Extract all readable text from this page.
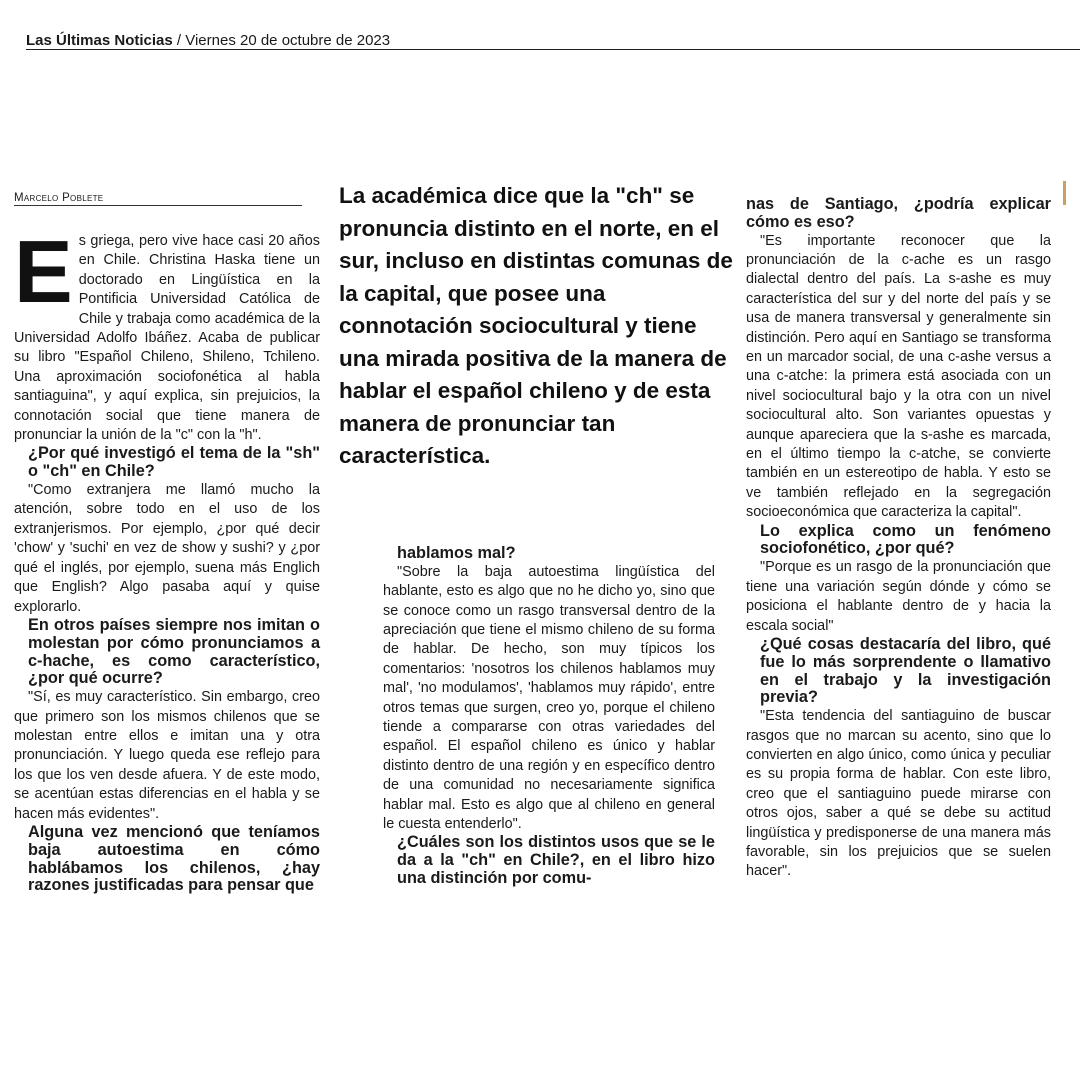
Las Últimas Noticias / Viernes 20 de octubre de 2023
Marcelo Poblete

Es griega, pero vive hace casi 20 años en Chile. Christina Haska tiene un doctorado en Lingüística en la Pontificia Universidad Católica de Chile y trabaja como académica de la Universidad Adolfo Ibáñez. Acaba de publicar su libro "Español Chileno, Shileno, Tchileno. Una aproximación sociofonética al habla santiaguina", y aquí explica, sin prejuicios, la connotación social que tiene manera de pronunciar la unión de la "c" con la "h".

¿Por qué investigó el tema de la "sh" o "ch" en Chile?

"Como extranjera me llamó mucho la atención, sobre todo en el uso de los extranjerismos. Por ejemplo, ¿por qué decir 'chow' y 'suchi' en vez de show y sushi? y ¿por qué el inglés, por ejemplo, suena más Englich que English? Algo pasaba aquí y quise explorarlo.

En otros países siempre nos imitan o molestan por cómo pronunciamos a c-hache, es como característico, ¿por qué ocurre?

"Sí, es muy característico. Sin embargo, creo que primero son los mismos chilenos que se molestan entre ellos e imitan una y otra pronunciación. Y luego queda ese reflejo para los que los ven desde afuera. Y de este modo, se acentúan estas diferencias en el habla y se hacen más evidentes".

Alguna vez mencionó que teníamos baja autoestima en cómo hablábamos los chilenos, ¿hay razones justificadas para pensar que

La académica dice que la "ch" se pronuncia distinto en el norte, en el sur, incluso en distintas comunas de la capital, que posee una connotación sociocultural y tiene una mirada positiva de la manera de hablar el español chileno y de esta manera de pronunciar tan característica.

hablamos mal?

"Sobre la baja autoestima lingüística del hablante, esto es algo que no he dicho yo, sino que se conoce como un rasgo transversal dentro de la apreciación que tiene el mismo chileno de su forma de hablar. De hecho, son muy típicos los comentarios: 'nosotros los chilenos hablamos muy mal', 'no modulamos', 'hablamos muy rápido', entre otros temas que surgen, creo yo, porque el chileno tiende a compararse con otras variedades del español. El español chileno es único y hablar distinto dentro de una región y en específico dentro de una comunidad no necesariamente significa hablar mal. Esto es algo que al chileno en general le cuesta entenderlo".

¿Cuáles son los distintos usos que se le da a la "ch" en Chile?, en el libro hizo una distinción por comu-

nas de Santiago, ¿podría explicar cómo es eso?

"Es importante reconocer que la pronunciación de la c-ache es un rasgo dialectal dentro del país. La s-ashe es muy característica del sur y del norte del país y se usa de manera transversal y generalmente sin distinción. Pero aquí en Santiago se transforma en un marcador social, de una c-ashe versus a una c-atche: la primera está asociada con un nivel sociocultural bajo y la otra con un nivel sociocultural alto. Son variantes opuestas y aunque apareciera que la s-ashe es marcada, en el último tiempo la c-atche, se convierte también en un estereotipo de habla. Y esto se ve también reflejado en la segregación socioeconómica que caracteriza la capital".

Lo explica como un fenómeno sociofonético, ¿por qué?

"Porque es un rasgo de la pronunciación que tiene una variación según dónde y cómo se posiciona el hablante dentro de y hacia la escala social"

¿Qué cosas destacaría del libro, qué fue lo más sorprendente o llamativo en el trabajo y la investigación previa?

"Esta tendencia del santiaguino de buscar rasgos que no marcan su acento, sino que lo convierten en algo único, como única y peculiar es su propia forma de hablar. Con este libro, creo que el santiaguino puede mirarse con otros ojos, saber a qué se debe su actitud lingüística y predisponerse de una manera más favorable, sin los prejuicios que se suelen hacer".
